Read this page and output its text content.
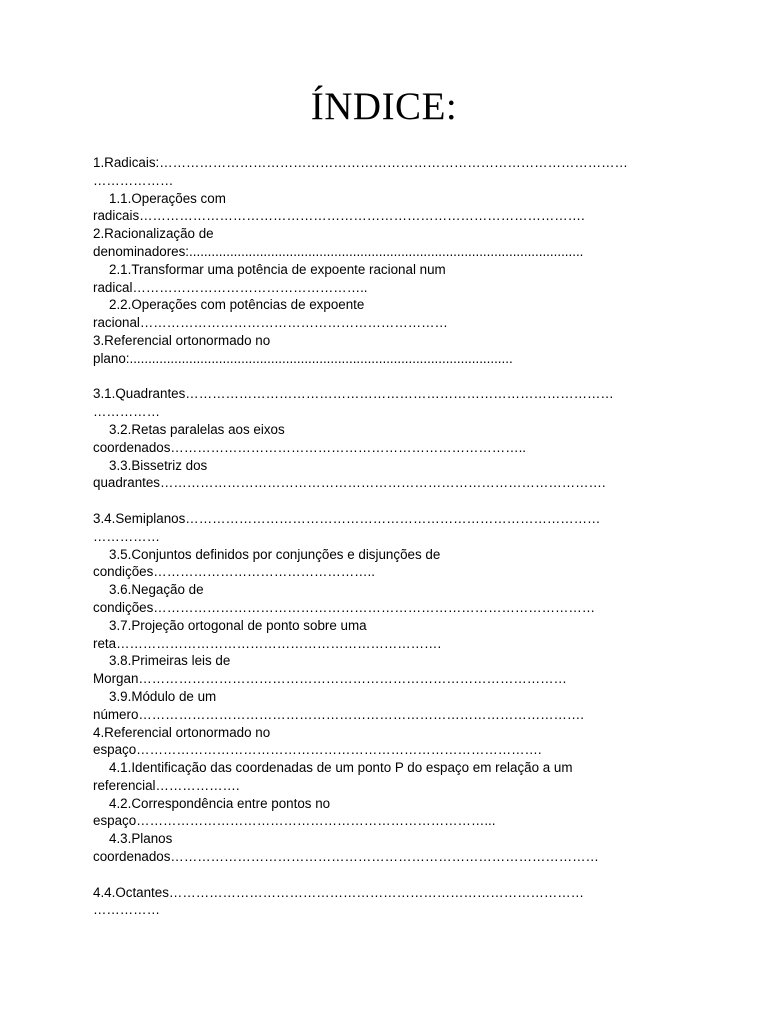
ÍNDICE:
1.Radicais:……………………………………………………………………………………………
………………
1.1.Operações com
radicais……………………………………………………………………………………….
2.Racionalização de
denominadores:..........................................................................................................
2.1.Transformar uma potência de expoente racional num
radical……………………………………………..
2.2.Operações com potências de expoente
racional……………………………………………………………
3.Referencial ortonormado no
plano:.......................................................................................................
3.1.Quadrantes……………………………………………………………………………………
……………
3.2.Retas paralelas aos eixos
coordenados……………………………………………………………………..
3.3.Bissetriz dos
quadrantes……………………………………………………………………………………….
3.4.Semiplanos…………………………………………………………………………………
……………
3.5.Conjuntos definidos por conjunções e disjunções de
condições…………………………………………..
3.6.Negação de
condições………………………………………………………………………………………
3.7.Projeção ortogonal de ponto sobre uma
reta……………………………………………………………….
3.8.Primeiras leis de
Morgan……………………………………………………………………………………
3.9.Módulo de um
número……………………………………………………………………………………….
4.Referencial ortonormado no
espaço……………………………………………………………………………….
4.1.Identificação das coordenadas de um ponto P do espaço em relação a um
referencial……………….
4.2.Correspondência entre pontos no
espaço……………………………………………………………………...
4.3.Planos
coordenados……………………………………………………………………………………
4.4.Octantes…………………………………………………………………………………
……………
